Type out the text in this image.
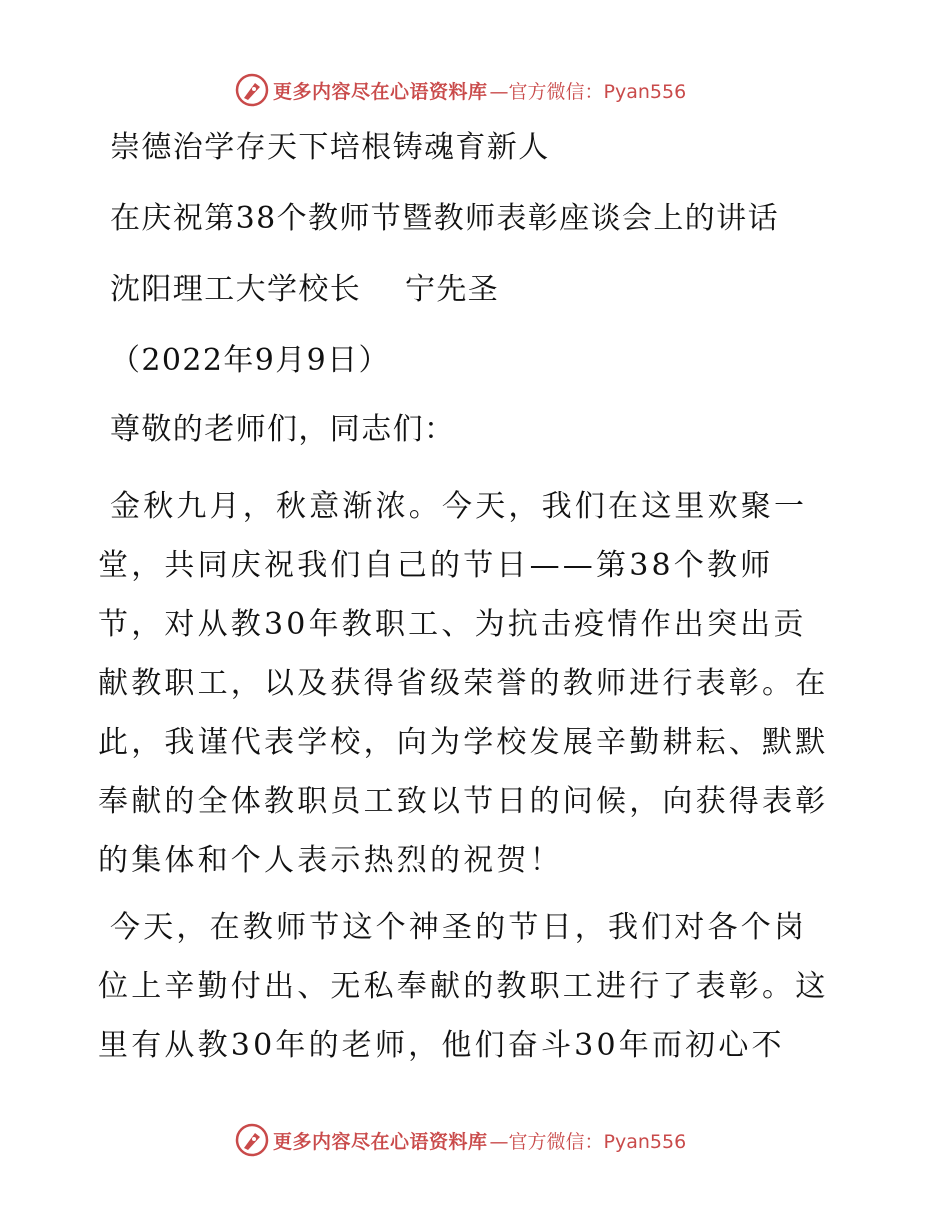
更多内容尽在心语资料库 —官方微信：Pyan556
崇德治学存天下培根铸魂育新人
在庆祝第38个教师节暨教师表彰座谈会上的讲话
沈阳理工大学校长    宁先圣
（2022年9月9日）
尊敬的老师们，同志们：
金秋九月，秋意渐浓。今天，我们在这里欢聚一
堂，共同庆祝我们自己的节日——第38个教师
节，对从教30年教职工、为抗击疫情作出突出贡
献教职工，以及获得省级荣誉的教师进行表彰。在
此，我谨代表学校，向为学校发展辛勤耕耘、默默
奉献的全体教职员工致以节日的问候，向获得表彰
的集体和个人表示热烈的祝贺！
今天，在教师节这个神圣的节日，我们对各个岗
位上辛勤付出、无私奉献的教职工进行了表彰。这
里有从教30年的老师，他们奋斗30年而初心不
更多内容尽在心语资料库 —官方微信：Pyan556
